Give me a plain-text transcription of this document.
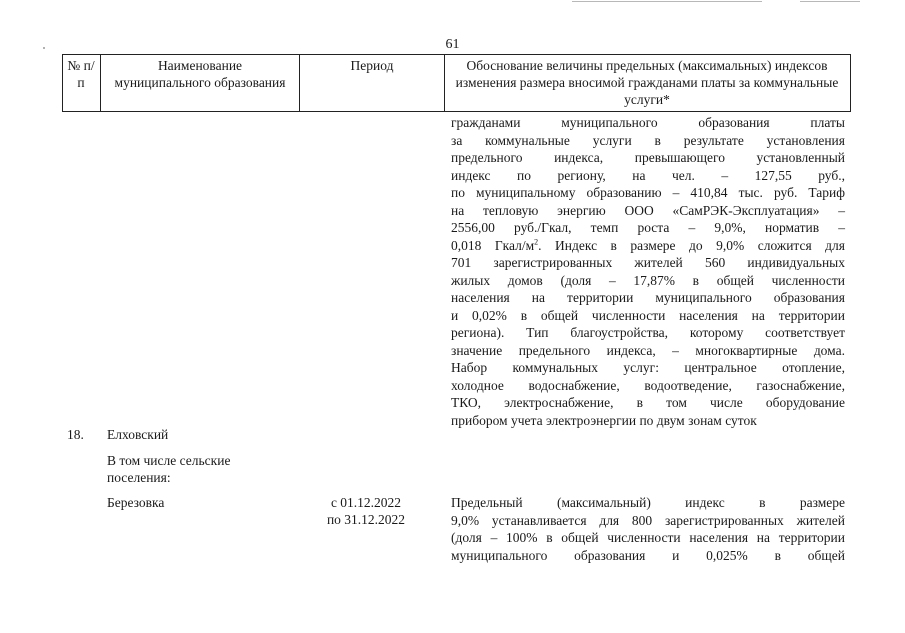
61
№ п/п
Наименование муниципального образования
Период	Обоснование величины предельных (максимальных) индексов изменения размера вносимой гражданами платы за коммунальные услуги*

гражданами муниципального образования платы
за коммунальные услуги в результате установления
предельного индекса, превышающего установленный
индекс по региону, на чел. – 127,55 руб.,
по муниципальному образованию – 410,84 тыс. руб. Тариф
на тепловую энергию ООО «СамРЭК-Эксплуатация» –
2556,00 руб./Гкал, темп роста – 9,0%, норматив –
0,018 Гкал/$м^2$. Индекс в размере до 9,0% сложится для
701 зарегистрированных жителей 560 индивидуальных
жилых домов (доля – 17,87% в общей численности
населения на территории муниципального образования
и 0,02% в общей численности населения на территории
региона). Тип благоустройства, которому соответствует
значение предельного индекса, – многоквартирные дома.
Набор коммунальных услуг: центральное отопление,
холодное водоснабжение, водоотведение, газоснабжение,
ТКО, электроснабжение, в том числе оборудование
прибором учета электроэнергии по двум зонам суток

18. Елховский
В том числе сельские поселения:
Березовка	с 01.12.2022
по 31.12.2022

Предельный (максимальный) индекс в размере
9,0% устанавливается для 800 зарегистрированных жителей
(доля – 100% в общей численности населения на территории
муниципального образования и 0,025% в общей
